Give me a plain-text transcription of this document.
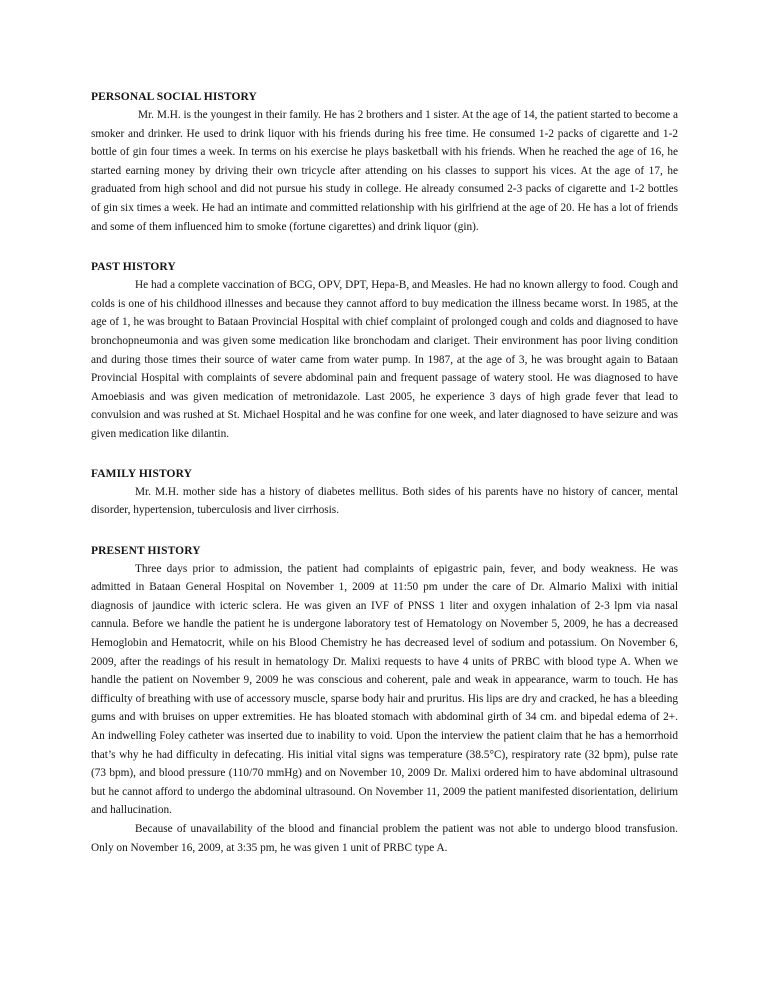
PERSONAL SOCIAL HISTORY

Mr. M.H. is the youngest in their family. He has 2 brothers and 1 sister. At the age of 14, the patient started to become a smoker and drinker. He used to drink liquor with his friends during his free time. He consumed 1-2 packs of cigarette and 1-2 bottle of gin four times a week. In terms on his exercise he plays basketball with his friends. When he reached the age of 16, he started earning money by driving their own tricycle after attending on his classes to support his vices. At the age of 17, he graduated from high school and did not pursue his study in college. He already consumed 2-3 packs of cigarette and 1-2 bottles of gin six times a week. He had an intimate and committed relationship with his girlfriend at the age of 20. He has a lot of friends and some of them influenced him to smoke (fortune cigarettes) and drink liquor (gin).

PAST HISTORY

He had a complete vaccination of BCG, OPV, DPT, Hepa-B, and Measles. He had no known allergy to food. Cough and colds is one of his childhood illnesses and because they cannot afford to buy medication the illness became worst. In 1985, at the age of 1, he was brought to Bataan Provincial Hospital with chief complaint of prolonged cough and colds and diagnosed to have bronchopneumonia and was given some medication like bronchodam and clariget. Their environment has poor living condition and during those times their source of water came from water pump. In 1987, at the age of 3, he was brought again to Bataan Provincial Hospital with complaints of severe abdominal pain and frequent passage of watery stool. He was diagnosed to have Amoebiasis and was given medication of metronidazole. Last 2005, he experience 3 days of high grade fever that lead to convulsion and was rushed at St. Michael Hospital and he was confine for one week, and later diagnosed to have seizure and was given medication like dilantin.

FAMILY HISTORY

Mr. M.H. mother side has a history of diabetes mellitus. Both sides of his parents have no history of cancer, mental disorder, hypertension, tuberculosis and liver cirrhosis.

PRESENT HISTORY

Three days prior to admission, the patient had complaints of epigastric pain, fever, and body weakness. He was admitted in Bataan General Hospital on November 1, 2009 at 11:50 pm under the care of Dr. Almario Malixi with initial diagnosis of jaundice with icteric sclera. He was given an IVF of PNSS 1 liter and oxygen inhalation of 2-3 lpm via nasal cannula. Before we handle the patient he is undergone laboratory test of Hematology on November 5, 2009, he has a decreased Hemoglobin and Hematocrit, while on his Blood Chemistry he has decreased level of sodium and potassium. On November 6, 2009, after the readings of his result in hematology Dr. Malixi requests to have 4 units of PRBC with blood type A. When we handle the patient on November 9, 2009 he was conscious and coherent, pale and weak in appearance, warm to touch. He has difficulty of breathing with use of accessory muscle, sparse body hair and pruritus. His lips are dry and cracked, he has a bleeding gums and with bruises on upper extremities. He has bloated stomach with abdominal girth of 34 cm. and bipedal edema of 2+. An indwelling Foley catheter was inserted due to inability to void. Upon the interview the patient claim that he has a hemorrhoid that’s why he had difficulty in defecating. His initial vital signs was temperature (38.5°C), respiratory rate (32 bpm), pulse rate (73 bpm), and blood pressure (110/70 mmHg) and on November 10, 2009 Dr. Malixi ordered him to have abdominal ultrasound but he cannot afford to undergo the abdominal ultrasound. On November 11, 2009 the patient manifested disorientation, delirium and hallucination.

Because of unavailability of the blood and financial problem the patient was not able to undergo blood transfusion. Only on November 16, 2009, at 3:35 pm, he was given 1 unit of PRBC type A.
